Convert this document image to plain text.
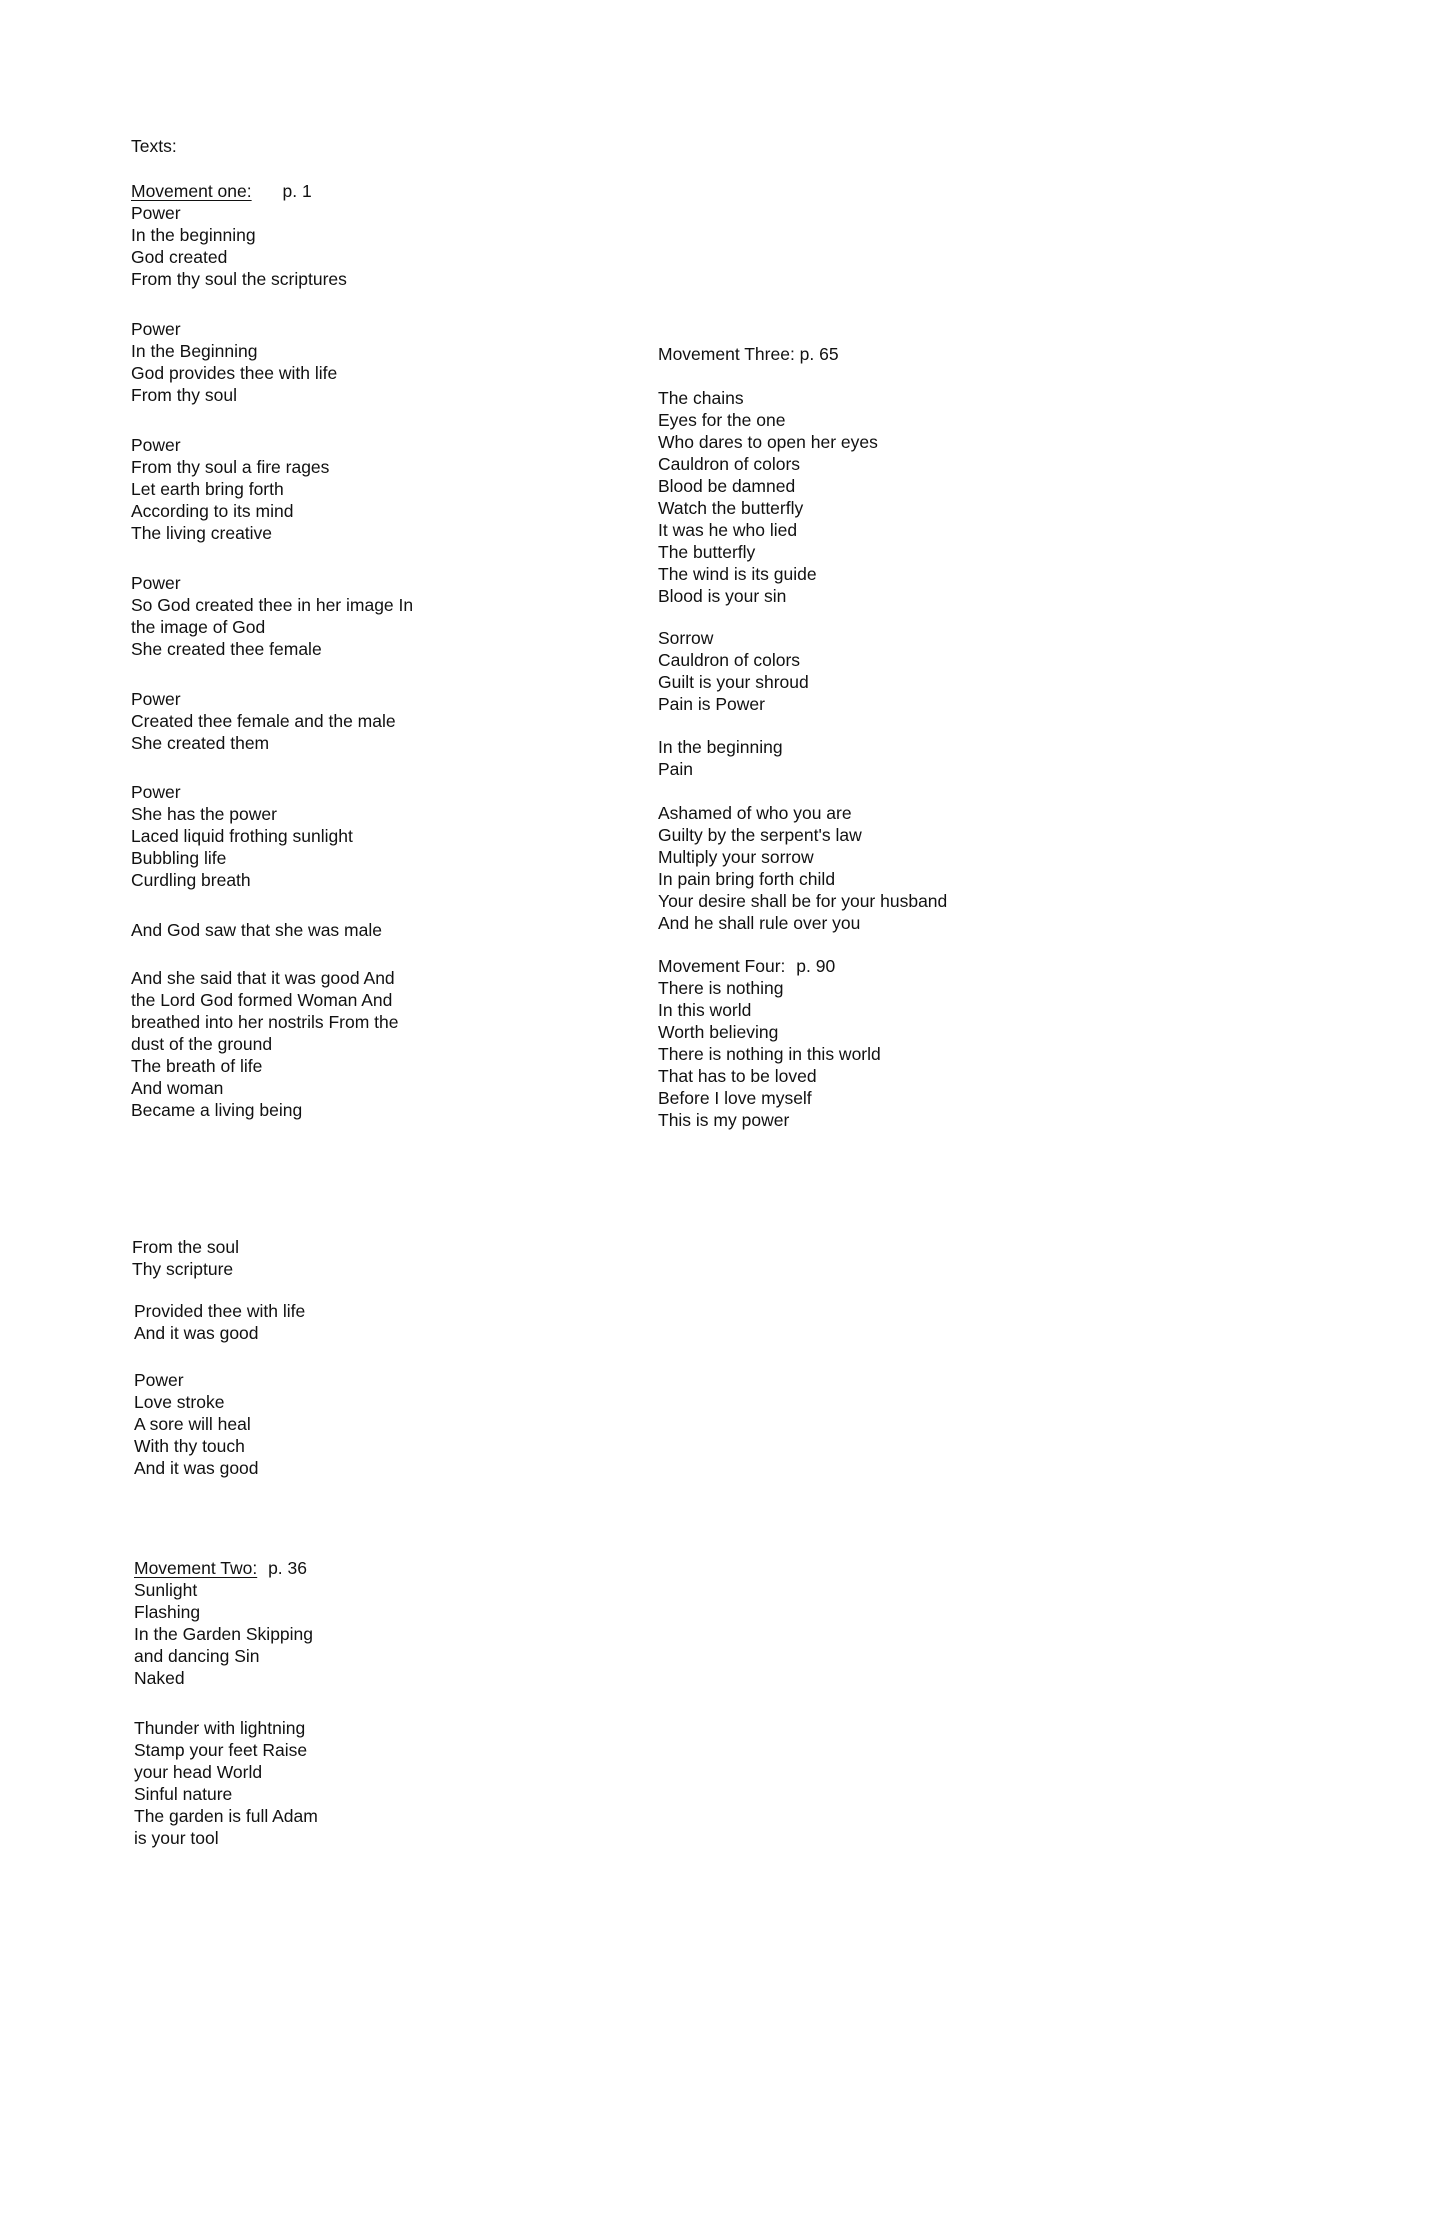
Texts:
Movement one: p. 1
Power
In the beginning
God created
From thy soul the scriptures
Power
In the Beginning
God provides thee with life
From thy soul
Power
From thy soul a fire rages
Let earth bring forth
According to its mind
The living creative
Power
So God created thee in her image In
the image of God
She created thee female
Power
Created thee female and the male
She created them
Power
She has the power
Laced liquid frothing sunlight
Bubbling life
Curdling breath
And God saw that she was male
And she said that it was good And
the Lord God formed Woman And
breathed into her nostrils From the
dust of the ground
The breath of life
And woman
Became a living being
From the soul
Thy scripture
Provided thee with life
And it was good
Power
Love stroke
A sore will heal
With thy touch
And it was good
Movement Two: p. 36
Sunlight
Flashing
In the Garden Skipping
and dancing Sin
Naked
Thunder with lightning
Stamp your feet Raise
your head World
Sinful nature
The garden is full Adam
is your tool
Movement Three: p. 65
The chains
Eyes for the one
Who dares to open her eyes
Cauldron of colors
Blood be damned
Watch the butterfly
It was he who lied
The butterfly
The wind is its guide
Blood is your sin
Sorrow
Cauldron of colors
Guilt is your shroud
Pain is Power
In the beginning
Pain
Ashamed of who you are
Guilty by the serpent's law
Multiply your sorrow
In pain bring forth child
Your desire shall be for your husband
And he shall rule over you
Movement Four: p. 90
There is nothing
In this world
Worth believing
There is nothing in this world
That has to be loved
Before I love myself
This is my power
